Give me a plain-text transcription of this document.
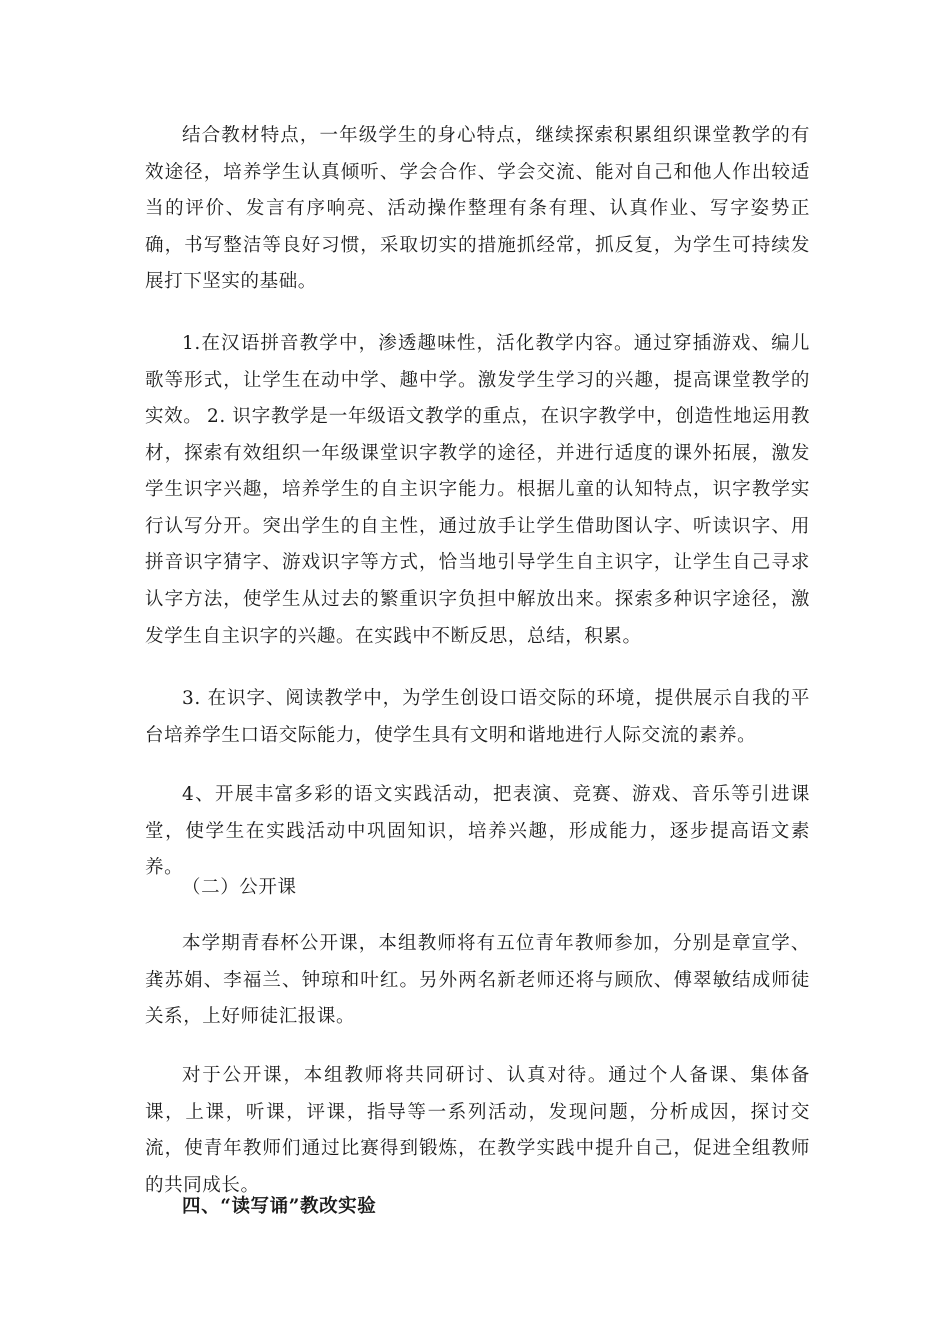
结合教材特点，一年级学生的身心特点，继续探索积累组织课堂教学的有效途径，培养学生认真倾听、学会合作、学会交流、能对自己和他人作出较适当的评价、发言有序响亮、活动操作整理有条有理、认真作业、写字姿势正确，书写整洁等良好习惯，采取切实的措施抓经常，抓反复，为学生可持续发展打下坚实的基础。

1.在汉语拼音教学中，渗透趣味性，活化教学内容。通过穿插游戏、编儿歌等形式，让学生在动中学、趣中学。激发学生学习的兴趣，提高课堂教学的实效。 2. 识字教学是一年级语文教学的重点，在识字教学中，创造性地运用教材，探索有效组织一年级课堂识字教学的途径，并进行适度的课外拓展，激发学生识字兴趣，培养学生的自主识字能力。根据儿童的认知特点，识字教学实行认写分开。突出学生的自主性，通过放手让学生借助图认字、听读识字、用拼音识字猜字、游戏识字等方式，恰当地引导学生自主识字，让学生自己寻求认字方法，使学生从过去的繁重识字负担中解放出来。探索多种识字途径，激发学生自主识字的兴趣。在实践中不断反思，总结，积累。

3. 在识字、阅读教学中，为学生创设口语交际的环境，提供展示自我的平台培养学生口语交际能力，使学生具有文明和谐地进行人际交流的素养。

4、开展丰富多彩的语文实践活动，把表演、竞赛、游戏、音乐等引进课堂，使学生在实践活动中巩固知识，培养兴趣，形成能力，逐步提高语文素养。

（二）公开课

本学期青春杯公开课，本组教师将有五位青年教师参加，分别是章宣学、龚苏娟、李福兰、钟琼和叶红。另外两名新老师还将与顾欣、傅翠敏结成师徒关系，上好师徒汇报课。

对于公开课，本组教师将共同研讨、认真对待。通过个人备课、集体备课，上课，听课，评课，指导等一系列活动，发现问题，分析成因，探讨交流，使青年教师们通过比赛得到锻炼，在教学实践中提升自己，促进全组教师的共同成长。

四、“读写诵”教改实验
